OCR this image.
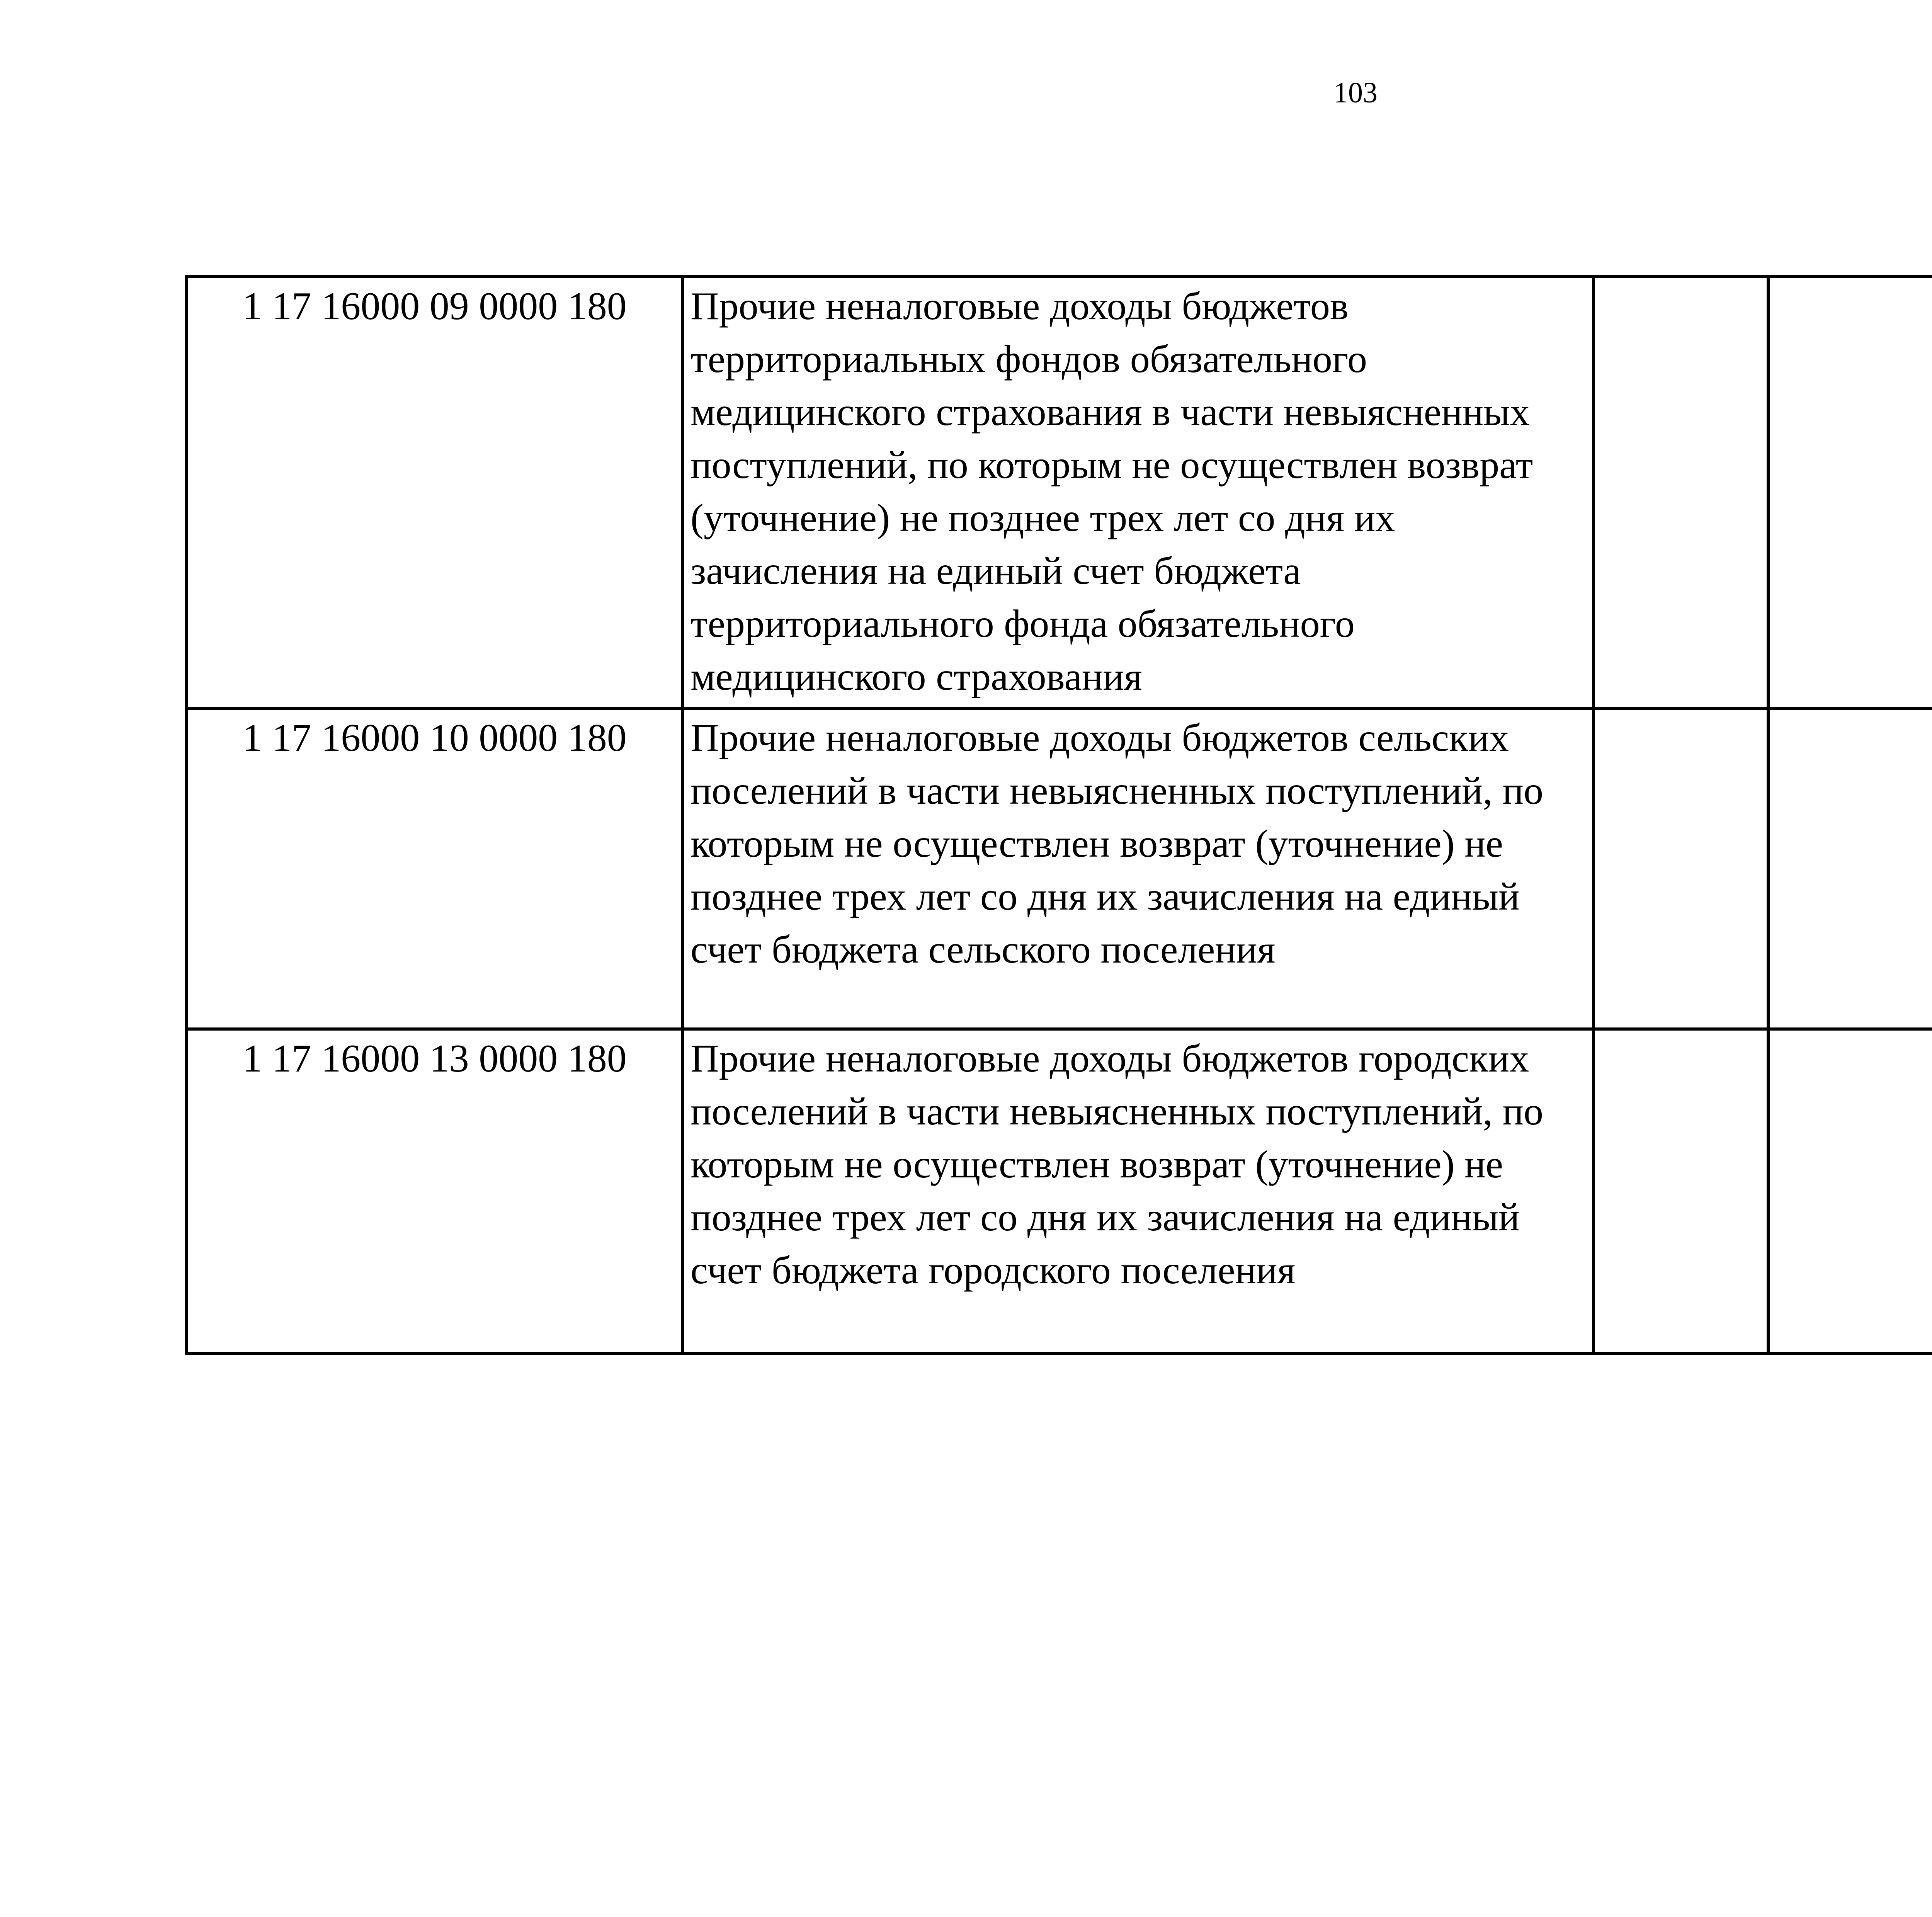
103
1 17 16000 09 0000 180	Прочие неналоговые доходы бюджетов территориальных фондов обязательного медицинского страхования в части невыясненных поступлений, по которым не осуществлен возврат (уточнение) не позднее трех лет со дня их зачисления на единый счет бюджета территориального фонда обязательного медицинского страхования					
1 17 16000 10 0000 180	Прочие неналоговые доходы бюджетов сельских поселений в части невыясненных поступлений, по которым не осуществлен возврат (уточнение) не позднее трех лет со дня их зачисления на единый счет бюджета сельского поселения					
1 17 16000 13 0000 180	Прочие неналоговые доходы бюджетов городских поселений в части невыясненных поступлений, по которым не осуществлен возврат (уточнение) не позднее трех лет со дня их зачисления на единый счет бюджета городского поселения					
